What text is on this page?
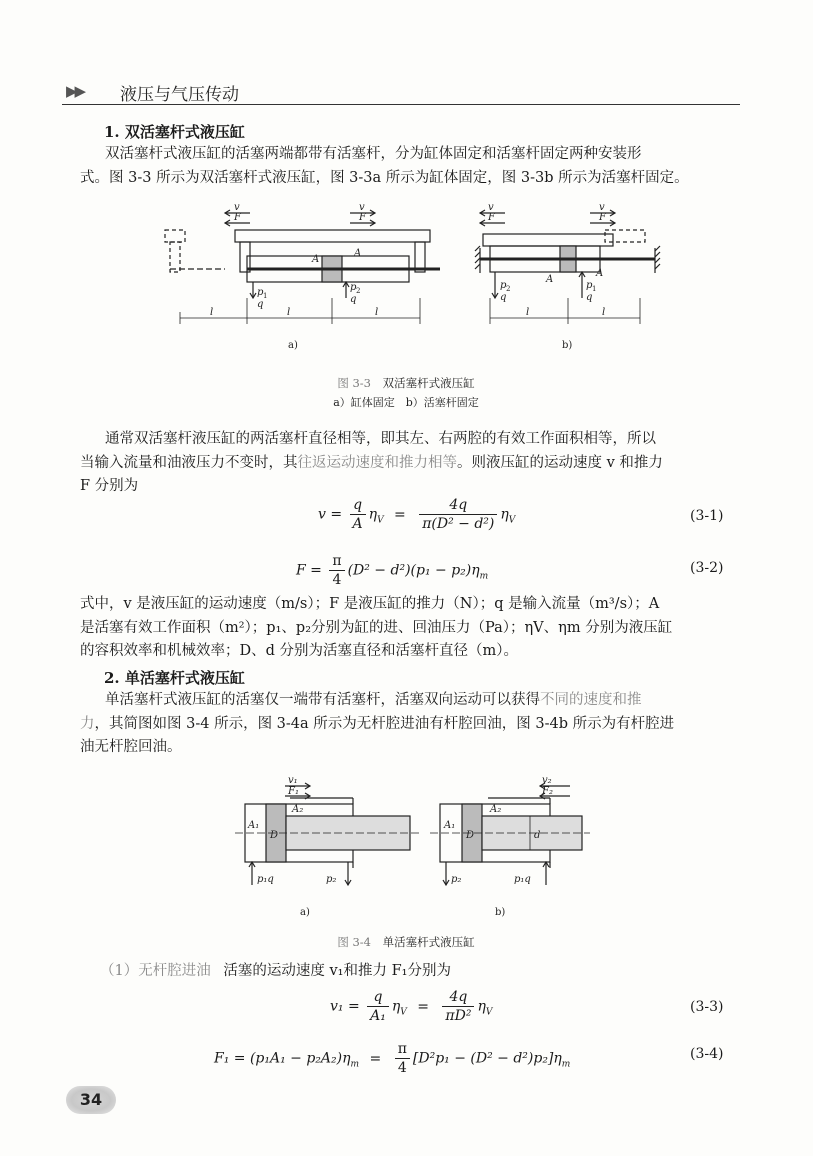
▶▶ 液压与气压传动
1. 双活塞杆式液压缸
双活塞杆式液压缸的活塞两端都带有活塞杆，分为缸体固定和活塞杆固定两种安装形
式。图 3-3 所示为双活塞杆式液压缸，图 3-3a 所示为缸体固定，图 3-3b 所示为活塞杆固定。
v
F
v
F
A
A
p 1
p 2
q	q
l	l	l
v
F
v
F
A
A
p 2	p 1
q	q
l	l
a)	b)
图 3-3 双活塞杆式液压缸
a）缸体固定　b）活塞杆固定
通常双活塞杆液压缸的两活塞杆直径相等，即其左、右两腔的有效工作面积相等，所以
当输入流量和油液压力不变时，其往返运动速度和推力相等。则液压缸的运动速度 v 和推力
F 分别为
$v = \frac{q}{A} \eta_V = \frac{4q}{\text{π(D² − d²)}} \eta_V$	(3-1)
$F = \frac{\pi}{4} (D^2 - d^2)(p_1 - p_2)\eta_m$
(3-2)
式中，v 是液压缸的运动速度（m/s）；F 是液压缸的推力（N）；q 是输入流量（m³/s）；A
是活塞有效工作面积（m²）；p₁、p₂分别为缸的进、回油压力（Pa）；ηV、ηm 分别为液压缸
的容积效率和机械效率；D、d 分别为活塞直径和活塞杆直径（m）。
2. 单活塞杆式液压缸
单活塞杆式液压缸的活塞仅一端带有活塞杆，活塞双向运动可以获得不同的速度和推
力，其简图如图 3-4 所示，图 3-4a 所示为无杆腔进油有杆腔回油，图 3-4b 所示为有杆腔进
油无杆腔回油。
v₁
F₁
A₂
A₁
D
p₁q	p₂
v₂
F₂
A₂
A₁
D	d
p₂	p₁q
a)	b)
图 3-4 单活塞杆式液压缸
（1）无杆腔进油 活塞的运动速度 v₁和推力 F₁分别为
$v_1 = \frac{q}{\text{A₁}} \eta_V = \frac{4q}{\text{πD²}} \eta_V$	(3-3)
$F_1 = (p_1A_1 - p_2A_2)\eta_m = \frac{\pi}{4} [D^2p_1 - (D^2 - d^2)p_2]\eta_m$
(3-4)
34
